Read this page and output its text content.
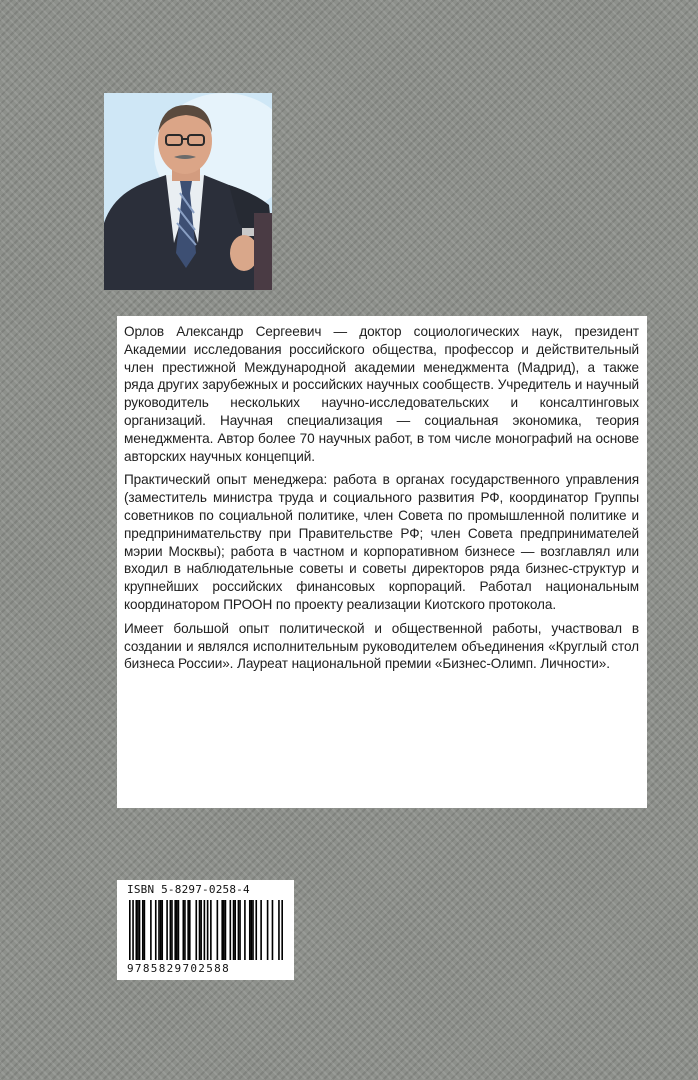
Орлов Александр Сергеевич — доктор социологических наук, президент Академии исследования российского общества, профессор и действительный член престижной Международной академии менеджмента (Мадрид), а также ряда других зарубежных и российских научных сообществ. Учредитель и научный руководитель нескольких научно-исследовательских и консалтинговых организаций. Научная специализация — социальная экономика, теория менеджмента. Автор более 70 научных работ, в том числе монографий на основе авторских научных концепций.

Практический опыт менеджера: работа в органах государственного управления (заместитель министра труда и социального развития РФ, координатор Группы советников по социальной политике, член Совета по промышленной политике и предпринимательству при Правительстве РФ; член Совета предпринимателей мэрии Москвы); работа в частном и корпоративном бизнесе — возглавлял или входил в наблюдательные советы и советы директоров ряда бизнес-структур и крупнейших российских финансовых корпораций. Работал национальным координатором ПРООН по проекту реализации Киотского протокола.

Имеет большой опыт политической и общественной работы, участвовал в создании и являлся исполнительным руководителем объединения «Круглый стол бизнеса России». Лауреат национальной премии «Бизнес-Олимп. Личности».

ISBN 5-8297-0258-4
9785829702588
